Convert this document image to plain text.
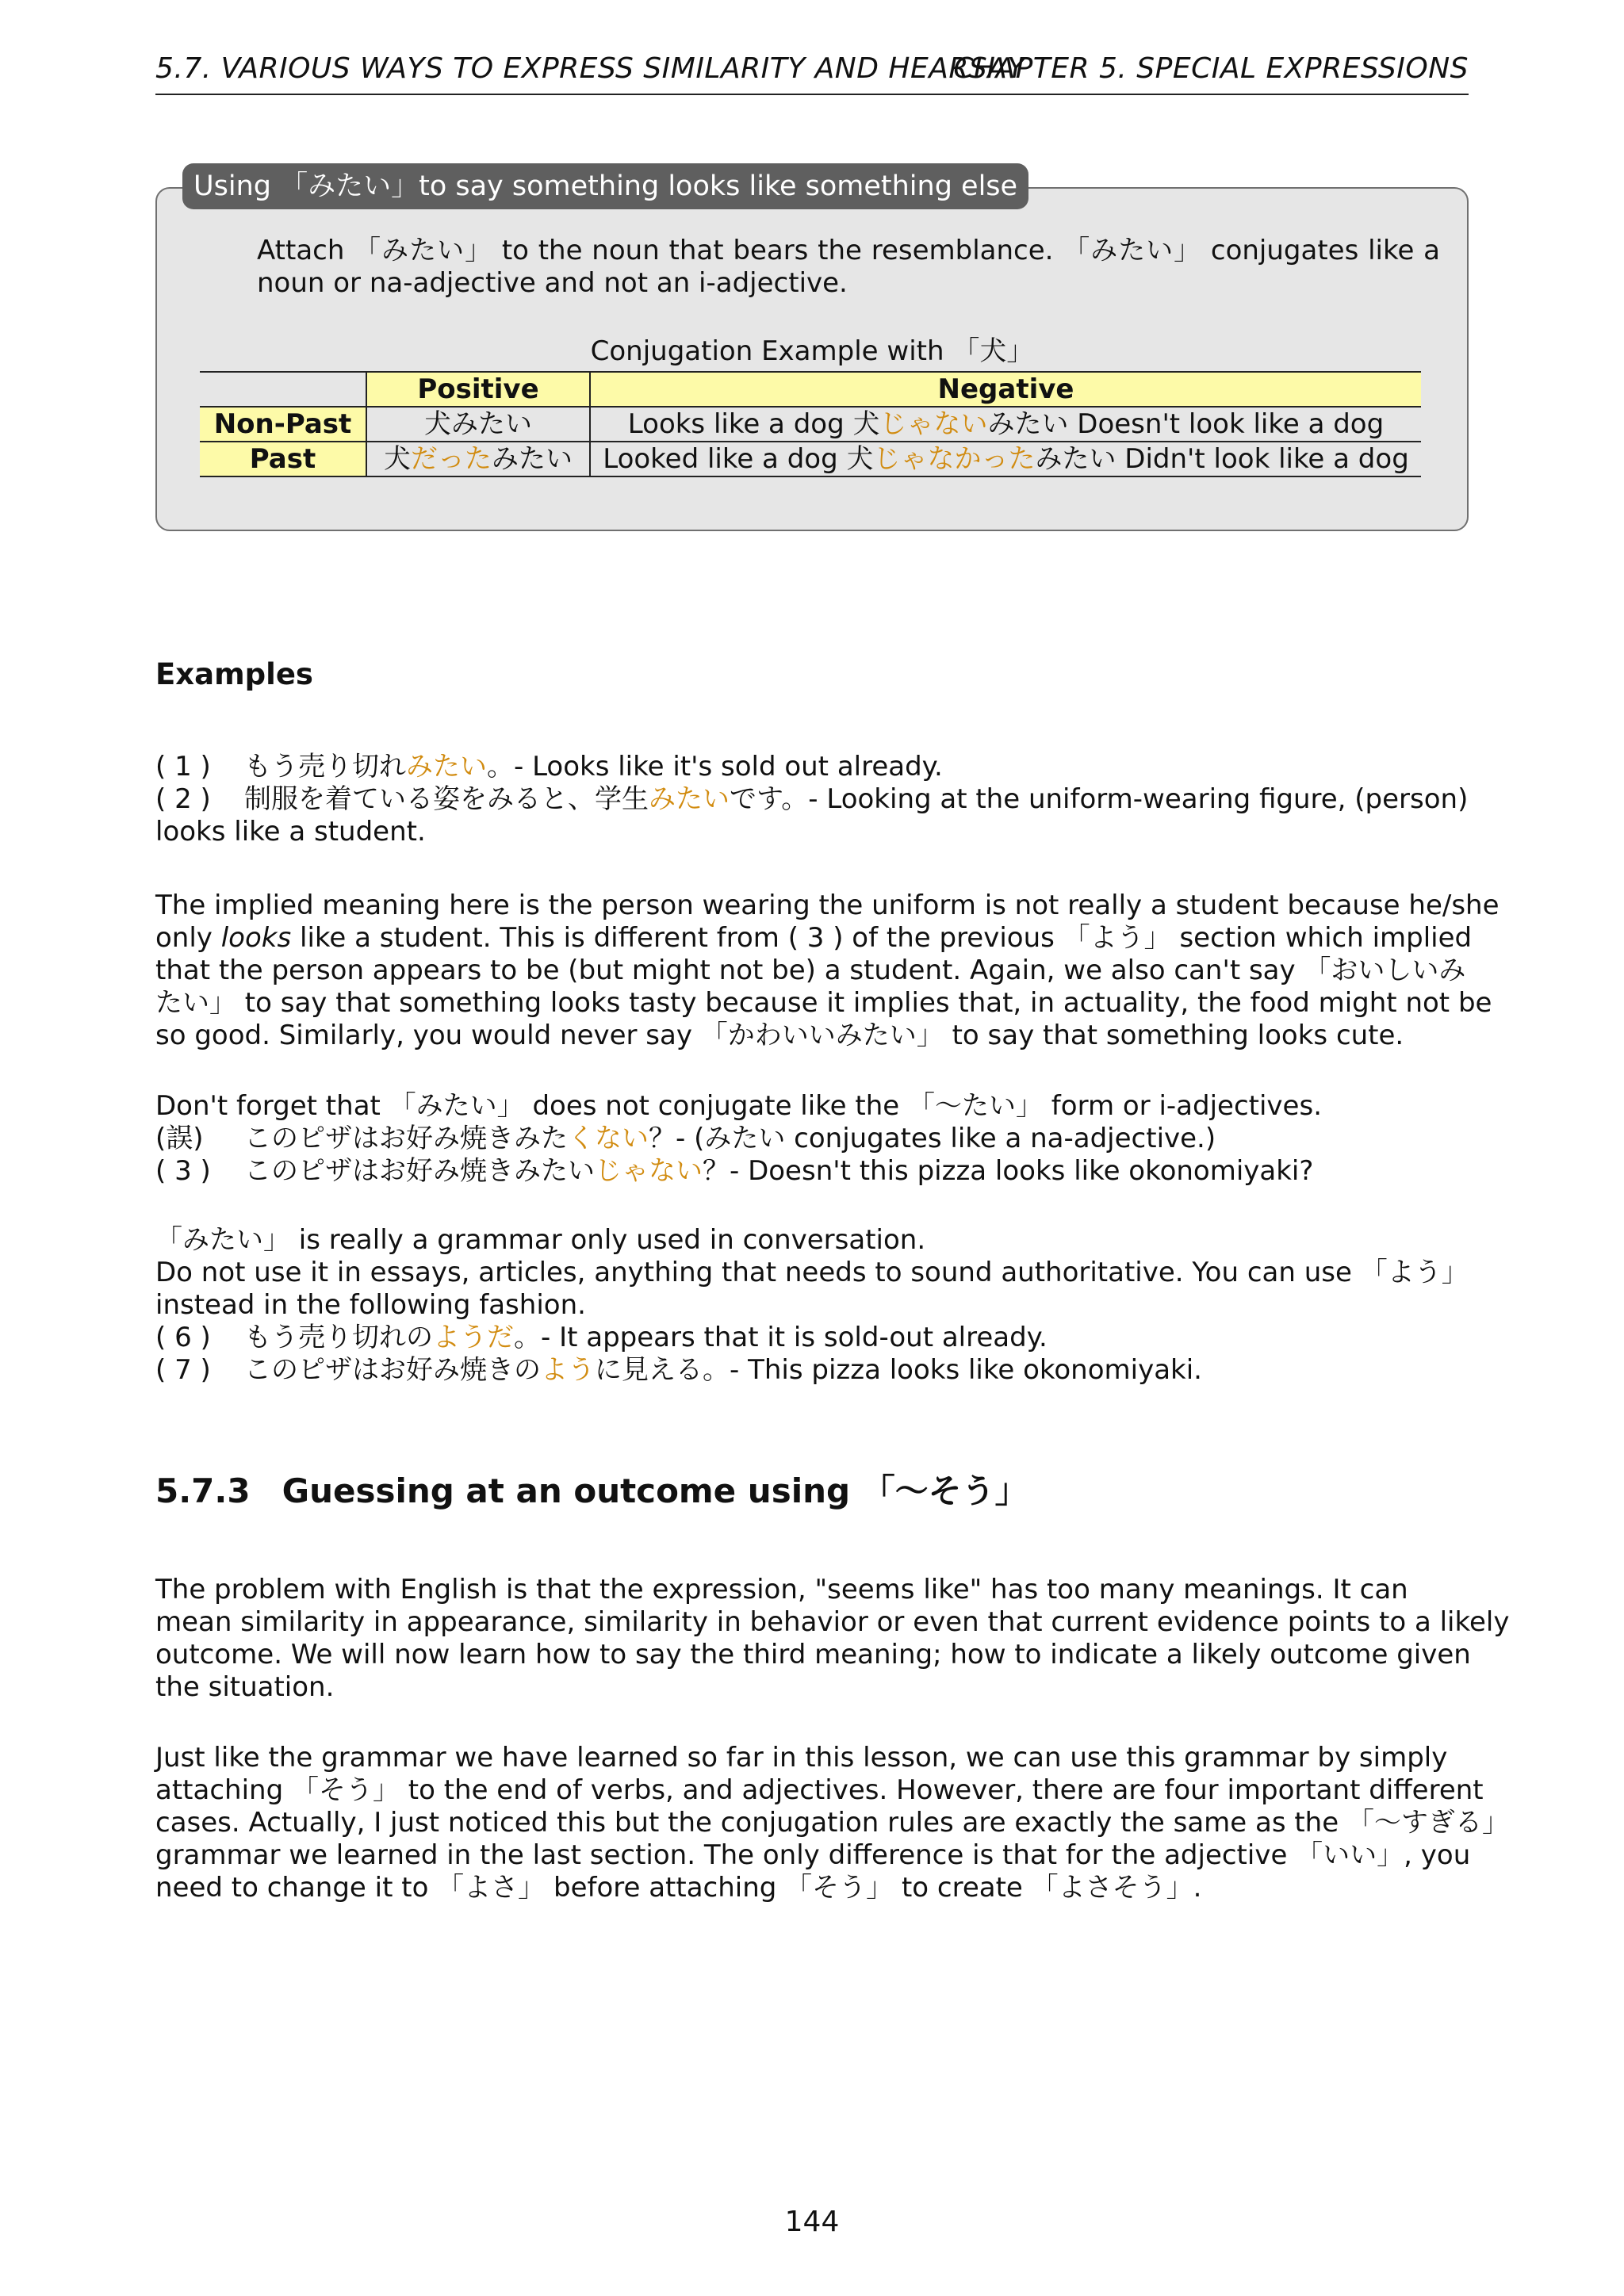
5.7. VARIOUS WAYS TO EXPRESS SIMILARITY AND HEARSAY
CHAPTER 5. SPECIAL EXPRESSIONS
Using 「みたい」to say something looks like something else
Attach 「みたい」 to the noun that bears the resemblance. 「みたい」 conjugates like a noun or na-adjective and not an i-adjective.
Conjugation Example with 「犬」
	Positive	Negative
Non-Past	犬みたい	Looks like a dog 犬じゃないみたい Doesn't look like a dog
Past	犬だったみたい	Looked like a dog 犬じゃなかったみたい Didn't look like a dog
Examples
( 1 ) もう売り切れみたい。- Looks like it's sold out already.
( 2 ) 制服を着ている姿をみると、学生みたいです。- Looking at the uniform-wearing figure, (person)
looks like a student.
The implied meaning here is the person wearing the uniform is not really a student because he/she
only looks like a student. This is different from ( 3 ) of the previous 「よう」 section which implied
that the person appears to be (but might not be) a student. Again, we also can't say 「おいしいみ
たい」 to say that something looks tasty because it implies that, in actuality, the food might not be
so good. Similarly, you would never say 「かわいいみたい」 to say that something looks cute.
Don't forget that 「みたい」 does not conjugate like the 「〜たい」 form or i-adjectives.
(誤) このピザはお好み焼きみたくない？- (みたい conjugates like a na-adjective.)
( 3 ) このピザはお好み焼きみたいじゃない？- Doesn't this pizza looks like okonomiyaki?
「みたい」 is really a grammar only used in conversation.
Do not use it in essays, articles, anything that needs to sound authoritative. You can use 「よう」
instead in the following fashion.
( 6 ) もう売り切れのようだ。- It appears that it is sold-out already.
( 7 ) このピザはお好み焼きのように見える。- This pizza looks like okonomiyaki.
5.7.3 Guessing at an outcome using 「〜そう」
The problem with English is that the expression, "seems like" has too many meanings. It can
mean similarity in appearance, similarity in behavior or even that current evidence points to a likely
outcome. We will now learn how to say the third meaning; how to indicate a likely outcome given
the situation.
Just like the grammar we have learned so far in this lesson, we can use this grammar by simply
attaching 「そう」 to the end of verbs, and adjectives. However, there are four important different
cases. Actually, I just noticed this but the conjugation rules are exactly the same as the 「〜すぎる」
grammar we learned in the last section. The only difference is that for the adjective 「いい」, you
need to change it to 「よさ」 before attaching 「そう」 to create 「よさそう」.
144
